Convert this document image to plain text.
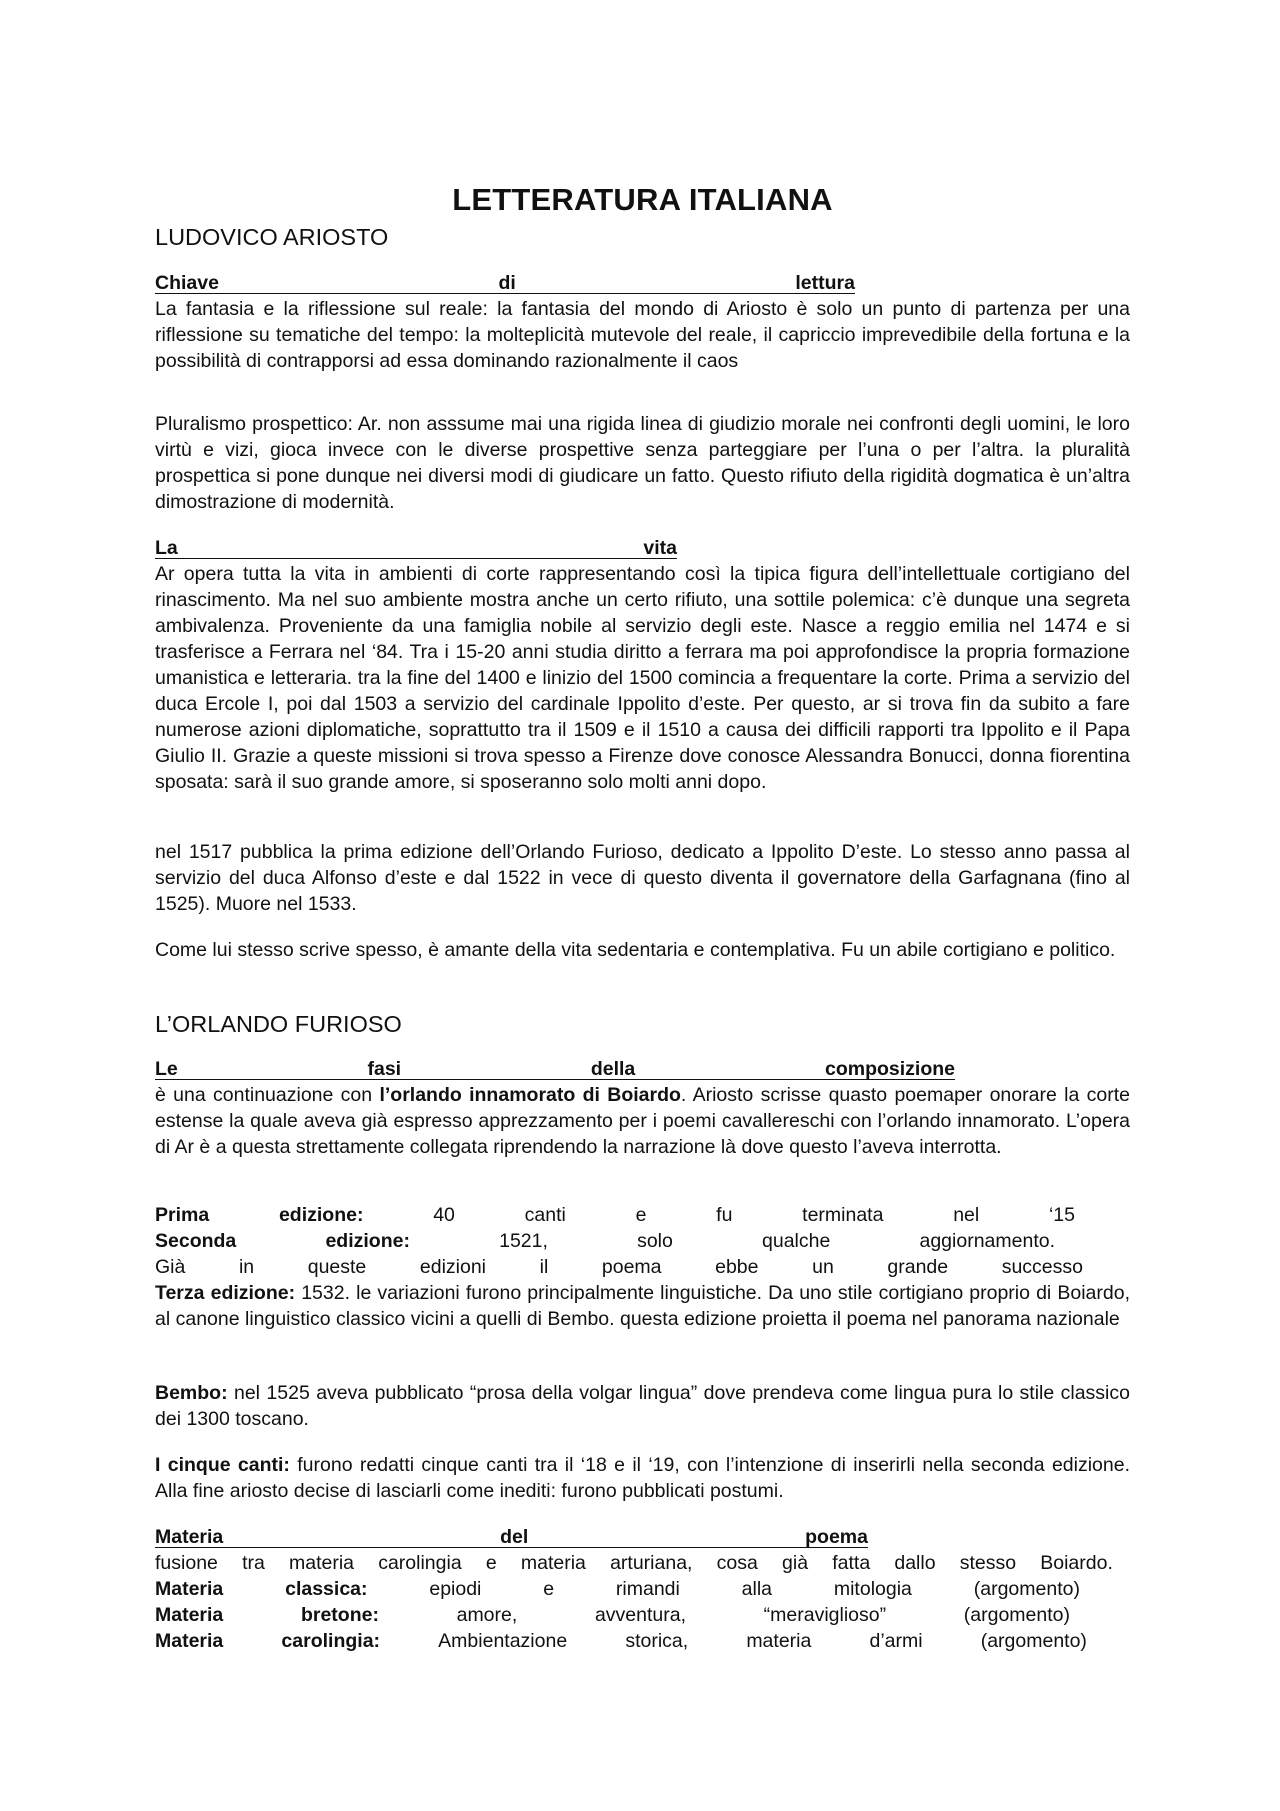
LETTERATURA ITALIANA
LUDOVICO ARIOSTO
Chiave	di	lettura

La fantasia e la riflessione sul reale: la fantasia del mondo di Ariosto è solo un punto di partenza per una riflessione su tematiche del tempo: la molteplicità mutevole del reale, il capriccio imprevedibile della fortuna e la possibilità di contrapporsi ad essa dominando razionalmente il caos

Pluralismo prospettico: Ar. non asssume mai una rigida linea di giudizio morale nei confronti degli uomini, le loro virtù e vizi, gioca invece con le diverse prospettive senza parteggiare per l’una o per l’altra. la pluralità prospettica si pone dunque nei diversi modi di giudicare un fatto. Questo rifiuto della rigidità dogmatica è un’altra dimostrazione di modernità.

La	vita

Ar opera tutta la vita in ambienti di corte rappresentando così la tipica figura dell’intellettuale cortigiano del rinascimento. Ma nel suo ambiente mostra anche un certo rifiuto, una sottile polemica: c’è dunque una segreta ambivalenza. Proveniente da una famiglia nobile al servizio degli este. Nasce a reggio emilia nel 1474 e si trasferisce a Ferrara nel ‘84. Tra i 15-20 anni studia diritto a ferrara ma poi approfondisce la propria formazione umanistica e letteraria. tra la fine del 1400 e linizio del 1500 comincia a frequentare la corte. Prima a servizio del duca Ercole I, poi dal 1503 a servizio del cardinale Ippolito d’este. Per questo, ar si trova fin da subito a fare numerose azioni diplomatiche, soprattutto tra il 1509 e il 1510 a causa dei difficili rapporti tra Ippolito e il Papa Giulio II. Grazie a queste missioni si trova spesso a Firenze dove conosce Alessandra Bonucci, donna fiorentina sposata: sarà il suo grande amore, si sposeranno solo molti anni dopo.

nel 1517 pubblica la prima edizione dell’Orlando Furioso, dedicato a Ippolito D’este. Lo stesso anno passa al servizio del duca Alfonso d’este e dal 1522 in vece di questo diventa il governatore della Garfagnana (fino al 1525). Muore nel 1533.

Come lui stesso scrive spesso, è amante della vita sedentaria e contemplativa. Fu un abile cortigiano e politico.

L’ORLANDO FURIOSO
Le	fasi	della	composizione

è una continuazione con l’orlando innamorato di Boiardo. Ariosto scrisse quasto poemaper onorare la corte estense la quale aveva già espresso apprezzamento per i poemi cavallereschi con l’orlando innamorato. L’opera di Ar è a questa strettamente collegata riprendendo la narrazione là dove questo l’aveva interrotta.

Prima	edizione:	40	canti	e	fu	terminata	nel	‘15
Seconda	edizione:	1521,	solo	qualche	aggiornamento.
Già	in	queste	edizioni	il	poema	ebbe	un	grande	successo

Terza edizione: 1532. le variazioni furono principalmente linguistiche. Da uno stile cortigiano proprio di Boiardo, al canone linguistico classico vicini a quelli di Bembo. questa edizione proietta il poema nel panorama nazionale

Bembo: nel 1525 aveva pubblicato “prosa della volgar lingua” dove prendeva come lingua pura lo stile classico dei 1300 toscano.

I cinque canti: furono redatti cinque canti tra il ‘18 e il ‘19, con l’intenzione di inserirli nella seconda edizione. Alla fine ariosto decise di lasciarli come inediti: furono pubblicati postumi.

Materia	del	poema
fusione tra materia carolingia e materia arturiana, cosa già fatta dallo stesso Boiardo.
Materia	classica:	epiodi	e	rimandi	alla	mitologia	(argomento)
Materia	bretone:	amore,	avventura,	“meraviglioso”	(argomento)
Materia	carolingia:	Ambientazione	storica,	materia	d’armi	(argomento)
